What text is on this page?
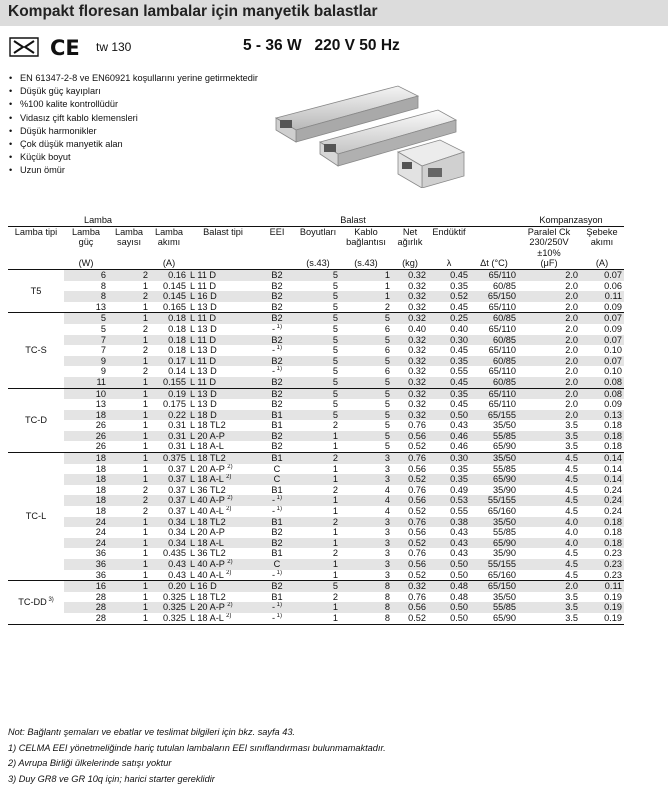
Kompakt floresan lambalar için manyetik balastlar
CE tw 130	5 - 36 W   220 V 50 Hz
• EN 61347-2-8 ve EN60921 koşullarını yerine getirmektedir
• Düşük güç kayıpları
• %100 kalite kontrollüdür
• Vidasız çift kablo klemensleri
• Düşük harmonikler
• Çok düşük manyetik alan
• Küçük boyut
• Uzun ömür
Lamba				Balast							Kompanzasyon	
Lamba tipi	Lamba güç	Lamba sayısı	Lamba akımı	Balast tipi	EEI	Boyutları	Kablo bağlantısı	Net ağırlık	Endüktif		Paralel Ck 230/250V ±10%	Şebeke akımı
	(W)		(A)			(s.43)	(s.43)	(kg)	λ	Δt (°C)	(μF)	(A)
T5	6	2	0.16	L 11 D	B2	5	1	0.32	0.45	65/110	2.0	0.07
	8	1	0.145	L 11 D	B2	5	1	0.32	0.35	60/85	2.0	0.06
	8	2	0.145	L 16 D	B2	5	1	0.32	0.52	65/150	2.0	0.11
	13	1	0.165	L 13 D	B2	5	2	0.32	0.45	65/110	2.0	0.09
TC-S	5	1	0.18	L 11 D	B2	5	5	0.32	0.25	60/85	2.0	0.07
	5	2	0.18	L 13 D	- $^{1)}$	5	6	0.40	0.40	65/110	2.0	0.09
	7	1	0.18	L 11 D	B2	5	5	0.32	0.30	60/85	2.0	0.07
	7	2	0.18	L 13 D	- $^{1)}$	5	6	0.32	0.45	65/110	2.0	0.10
	9	1	0.17	L 11 D	B2	5	5	0.32	0.35	60/85	2.0	0.07
	9	2	0.14	L 13 D	- $^{1)}$	5	6	0.32	0.55	65/110	2.0	0.10
	11	1	0.155	L 11 D	B2	5	5	0.32	0.45	60/85	2.0	0.08
TC-D	10	1	0.19	L 13 D	B2	5	5	0.32	0.35	65/110	2.0	0.08
	13	1	0.175	L 13 D	B2	5	5	0.32	0.45	65/110	2.0	0.09
	18	1	0.22	L 18 D	B1	5	5	0.32	0.50	65/155	2.0	0.13
	26	1	0.31	L 18 TL2	B1	2	5	0.76	0.43	35/50	3.5	0.18
	26	1	0.31	L 20 A-P	B2	1	5	0.56	0.46	55/85	3.5	0.18
	26	1	0.31	L 18 A-L	B2	1	5	0.52	0.46	65/90	3.5	0.18
TC-L	18	1	0.375	L 18 TL2	B1	2	3	0.76	0.30	35/50	4.5	0.14
	18	1	0.37	L 20 A-P $^{2)}$	C	1	3	0.56	0.35	55/85	4.5	0.14
	18	1	0.37	L 18 A-L $^{2)}$	C	1	3	0.52	0.35	65/90	4.5	0.14
	18	2	0.37	L 36 TL2	B1	2	4	0.76	0.49	35/90	4.5	0.24
	18	2	0.37	L 40 A-P $^{2)}$	- $^{1)}$	1	4	0.56	0.53	55/155	4.5	0.24
	18	2	0.37	L 40 A-L $^{2)}$	- $^{1)}$	1	4	0.52	0.55	65/160	4.5	0.24
	24	1	0.34	L 18 TL2	B1	2	3	0.76	0.38	35/50	4.0	0.18
	24	1	0.34	L 20 A-P	B2	1	3	0.56	0.43	55/85	4.0	0.18
	24	1	0.34	L 18 A-L	B2	1	3	0.52	0.43	65/90	4.0	0.18
	36	1	0.435	L 36 TL2	B1	2	3	0.76	0.43	35/90	4.5	0.23
	36	1	0.43	L 40 A-P $^{2)}$	C	1	3	0.56	0.50	55/155	4.5	0.23
	36	1	0.43	L 40 A-L $^{2)}$	- $^{1)}$	1	3	0.52	0.50	65/160	4.5	0.23
TC-DD $^{3)}$	16	1	0.20	L 16 D	B2	5	8	0.32	0.48	65/150	2.0	0.11
	28	1	0.325	L 18 TL2	B1	2	8	0.76	0.48	35/50	3.5	0.19
	28	1	0.325	L 20 A-P $^{2)}$	- $^{1)}$	1	8	0.56	0.50	55/85	3.5	0.19
	28	1	0.325	L 18 A-L $^{2)}$	- $^{1)}$	1	8	0.52	0.50	65/90	3.5	0.19
Not: Bağlantı şemaları ve ebatlar ve teslimat bilgileri için bkz. sayfa 43.
1) CELMA EEI yönetmeliğinde hariç tutulan lambaların EEI sınıflandırması bulunmamaktadır.
2) Avrupa Birliği ülkelerinde satışı yoktur
3) Duy GR8 ve GR 10q için; harici starter gereklidir
